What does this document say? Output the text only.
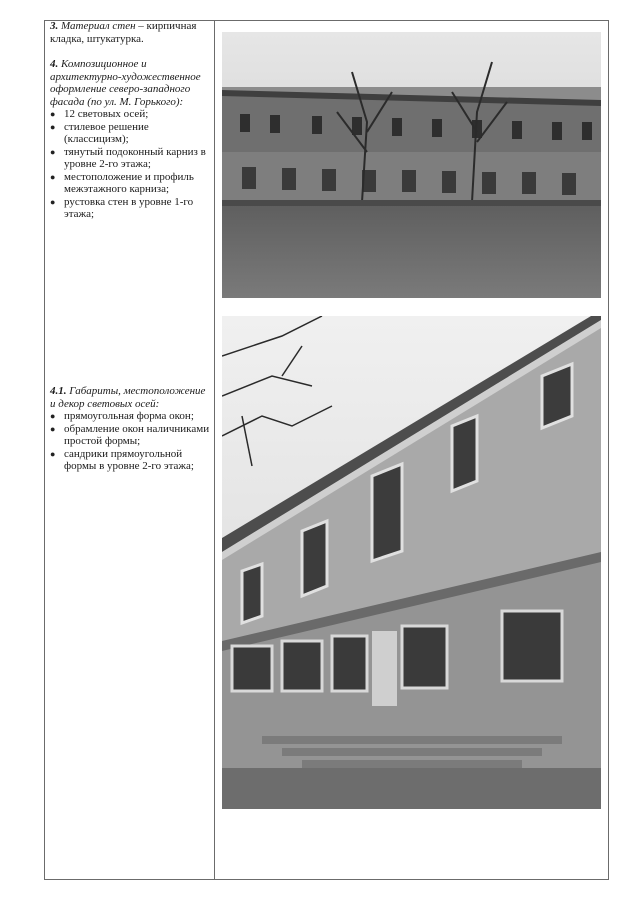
3. Материал стен – кирпичная кладка, штукатурка.

4. Композиционное и архитектурно-художественное оформление северо-западного фасада (по ул. М. Горького):

● 12 световых осей;
● стилевое решение (классицизм);
● тянутый подоконный карниз в уровне 2-го этажа;
● местоположение и профиль межэтажного карниза;
● рустовка стен в уровне 1-го этажа;

4.1. Габариты, местоположение и декор световых осей:

● прямоугольная форма окон;
● обрамление окон наличниками простой формы;
● сандрики прямоугольной формы в уровне 2-го этажа;
